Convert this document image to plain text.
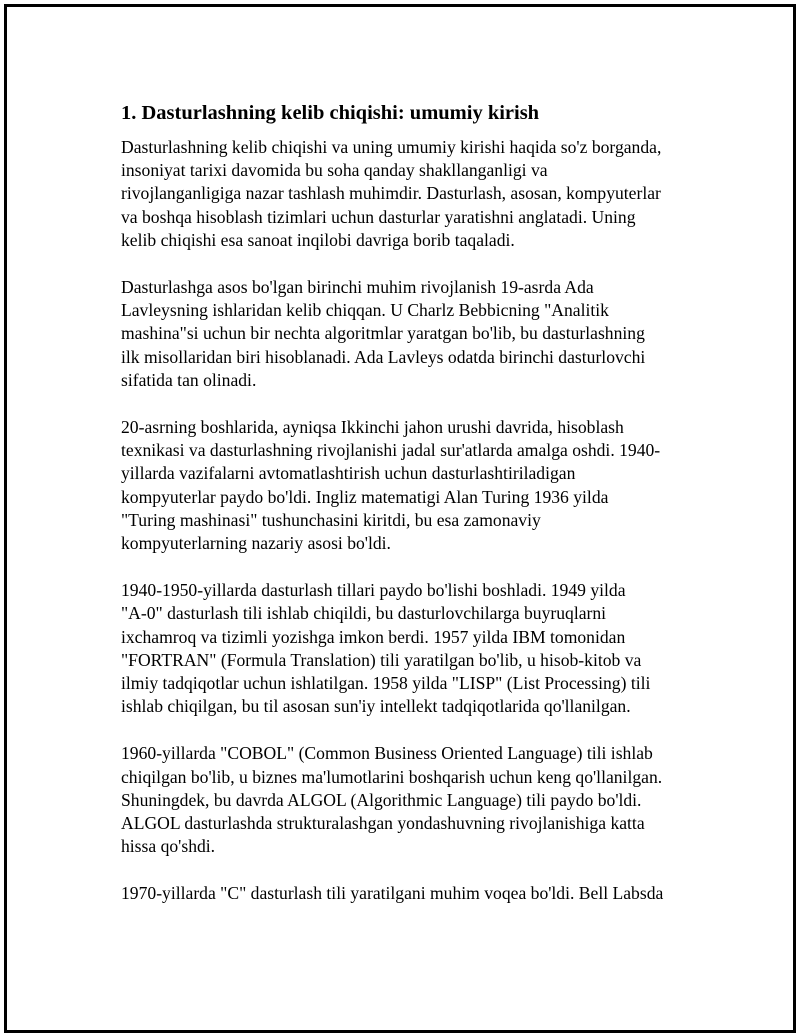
1. Dasturlashning kelib chiqishi: umumiy kirish

Dasturlashning kelib chiqishi va uning umumiy kirishi haqida so'z borganda,
insoniyat tarixi davomida bu soha qanday shakllanganligi va
rivojlanganligiga nazar tashlash muhimdir. Dasturlash, asosan, kompyuterlar
va boshqa hisoblash tizimlari uchun dasturlar yaratishni anglatadi. Uning
kelib chiqishi esa sanoat inqilobi davriga borib taqaladi.

Dasturlashga asos bo'lgan birinchi muhim rivojlanish 19-asrda Ada
Lavleysning ishlaridan kelib chiqqan. U Charlz Bebbicning "Analitik
mashina"si uchun bir nechta algoritmlar yaratgan bo'lib, bu dasturlashning
ilk misollaridan biri hisoblanadi. Ada Lavleys odatda birinchi dasturlovchi
sifatida tan olinadi.

20-asrning boshlarida, ayniqsa Ikkinchi jahon urushi davrida, hisoblash
texnikasi va dasturlashning rivojlanishi jadal sur'atlarda amalga oshdi. 1940-
yillarda vazifalarni avtomatlashtirish uchun dasturlashtiriladigan
kompyuterlar paydo bo'ldi. Ingliz matematigi Alan Turing 1936 yilda
"Turing mashinasi" tushunchasini kiritdi, bu esa zamonaviy
kompyuterlarning nazariy asosi bo'ldi.

1940-1950-yillarda dasturlash tillari paydo bo'lishi boshladi. 1949 yilda
"A-0" dasturlash tili ishlab chiqildi, bu dasturlovchilarga buyruqlarni
ixchamroq va tizimli yozishga imkon berdi. 1957 yilda IBM tomonidan
"FORTRAN" (Formula Translation) tili yaratilgan bo'lib, u hisob-kitob va
ilmiy tadqiqotlar uchun ishlatilgan. 1958 yilda "LISP" (List Processing) tili
ishlab chiqilgan, bu til asosan sun'iy intellekt tadqiqotlarida qo'llanilgan.

1960-yillarda "COBOL" (Common Business Oriented Language) tili ishlab
chiqilgan bo'lib, u biznes ma'lumotlarini boshqarish uchun keng qo'llanilgan.
Shuningdek, bu davrda ALGOL (Algorithmic Language) tili paydo bo'ldi.
ALGOL dasturlashda strukturalashgan yondashuvning rivojlanishiga katta
hissa qo'shdi.

1970-yillarda "C" dasturlash tili yaratilgani muhim voqea bo'ldi. Bell Labsda
